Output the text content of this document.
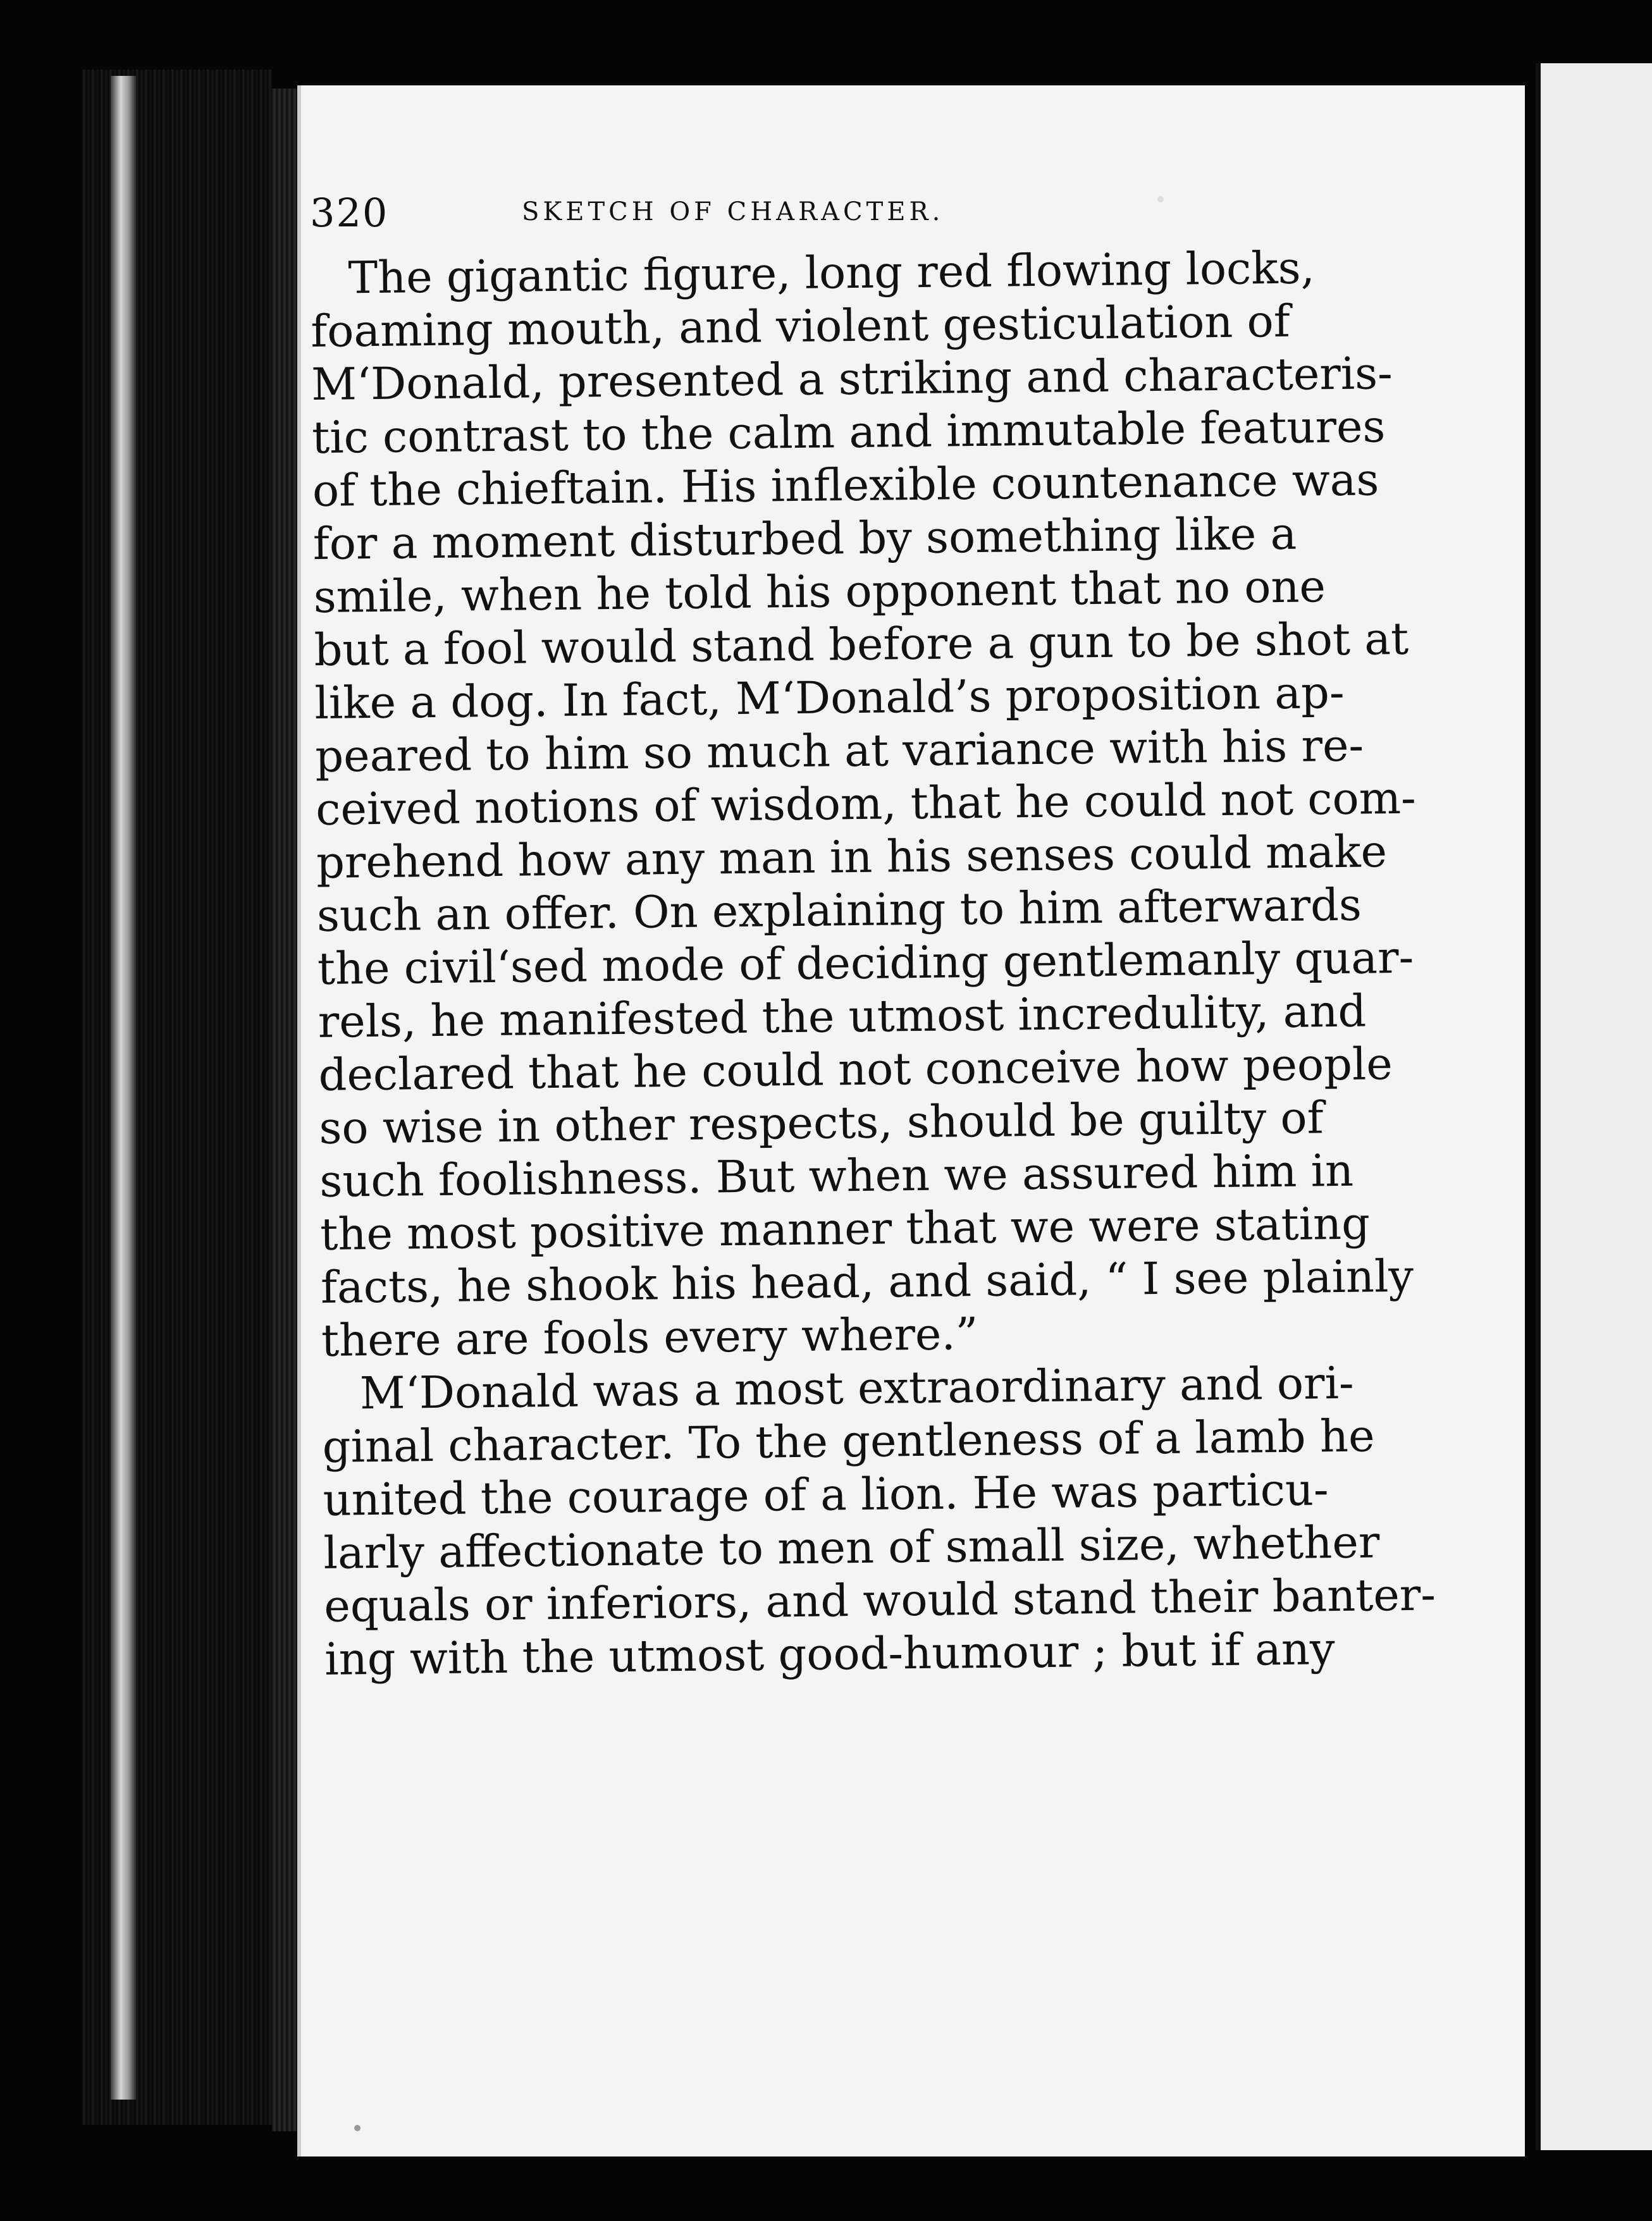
320	SKETCH OF CHARACTER.
The gigantic figure, long red flowing locks,
foaming mouth, and violent gesticulation of
M‘Donald, presented a striking and characteris-
tic contrast to the calm and immutable features
of the chieftain. His inflexible countenance was
for a moment disturbed by something like a
smile, when he told his opponent that no one
but a fool would stand before a gun to be shot at
like a dog. In fact, M‘Donald’s proposition ap-
peared to him so much at variance with his re-
ceived notions of wisdom, that he could not com-
prehend how any man in his senses could make
such an offer. On explaining to him afterwards
the civil‘sed mode of deciding gentlemanly quar-
rels, he manifested the utmost incredulity, and
declared that he could not conceive how people
so wise in other respects, should be guilty of
such foolishness. But when we assured him in
the most positive manner that we were stating
facts, he shook his head, and said, “ I see plainly
there are fools every where.”
M‘Donald was a most extraordinary and ori-
ginal character. To the gentleness of a lamb he
united the courage of a lion. He was particu-
larly affectionate to men of small size, whether
equals or inferiors, and would stand their banter-
ing with the utmost good-humour ; but if any
